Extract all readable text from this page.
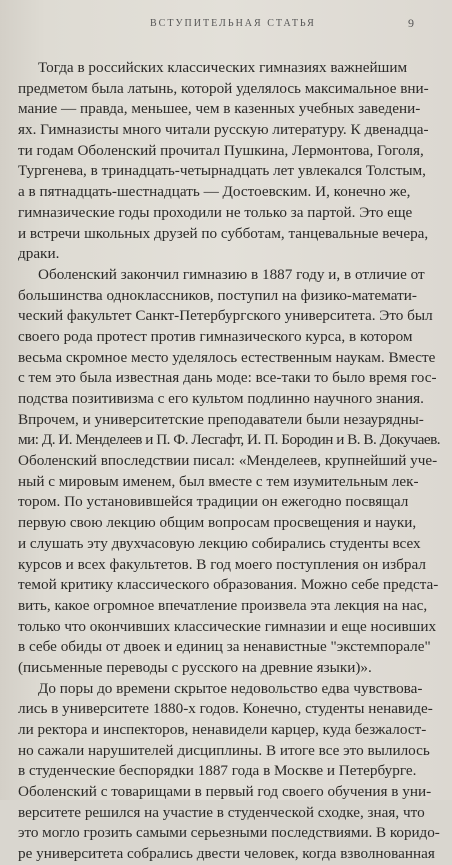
ВСТУПИТЕЛЬНАЯ СТАТЬЯ	9
Тогда в российских классических гимназиях важнейшим
предметом была латынь, которой уделялось максимальное вни-
мание — правда, меньшее, чем в казенных учебных заведени-
ях. Гимназисты много читали русскую литературу. К двенадца-
ти годам Оболенский прочитал Пушкина, Лермонтова, Гоголя,
Тургенева, в тринадцать-четырнадцать лет увлекался Толстым,
а в пятнадцать-шестнадцать — Достоевским. И, конечно же,
гимназические годы проходили не только за партой. Это еще
и встречи школьных друзей по субботам, танцевальные вечера,
драки.
Оболенский закончил гимназию в 1887 году и, в отличие от
большинства одноклассников, поступил на физико-математи-
ческий факультет Санкт-Петербургского университета. Это был
своего рода протест против гимназического курса, в котором
весьма скромное место уделялось естественным наукам. Вместе
с тем это была известная дань моде: все-таки то было время гос-
подства позитивизма с его культом подлинно научного знания.
Впрочем, и университетские преподаватели были незаурядны-
ми: Д. И. Менделеев и П. Ф. Лесгафт, И. П. Бородин и В. В. Докучаев.
Оболенский впоследствии писал: «Менделеев, крупнейший уче-
ный с мировым именем, был вместе с тем изумительным лек-
тором. По установившейся традиции он ежегодно посвящал
первую свою лекцию общим вопросам просвещения и науки,
и слушать эту двухчасовую лекцию собирались студенты всех
курсов и всех факультетов. В год моего поступления он избрал
темой критику классического образования. Можно себе предста-
вить, какое огромное впечатление произвела эта лекция на нас,
только что окончивших классические гимназии и еще носивших
в себе обиды от двоек и единиц за ненавистные "экстемпорале"
(письменные переводы с русского на древние языки)».
До поры до времени скрытое недовольство едва чувствова-
лись в университете 1880-х годов. Конечно, студенты ненавиде-
ли ректора и инспекторов, ненавидели карцер, куда безжалост-
но сажали нарушителей дисциплины. В итоге все это вылилось
в студенческие беспорядки 1887 года в Москве и Петербурге.
Оболенский с товарищами в первый год своего обучения в уни-
верситете решился на участие в студенческой сходке, зная, что
это могло грозить самыми серьезными последствиями. В коридо-
ре университета собрались двести человек, когда взволнованная
